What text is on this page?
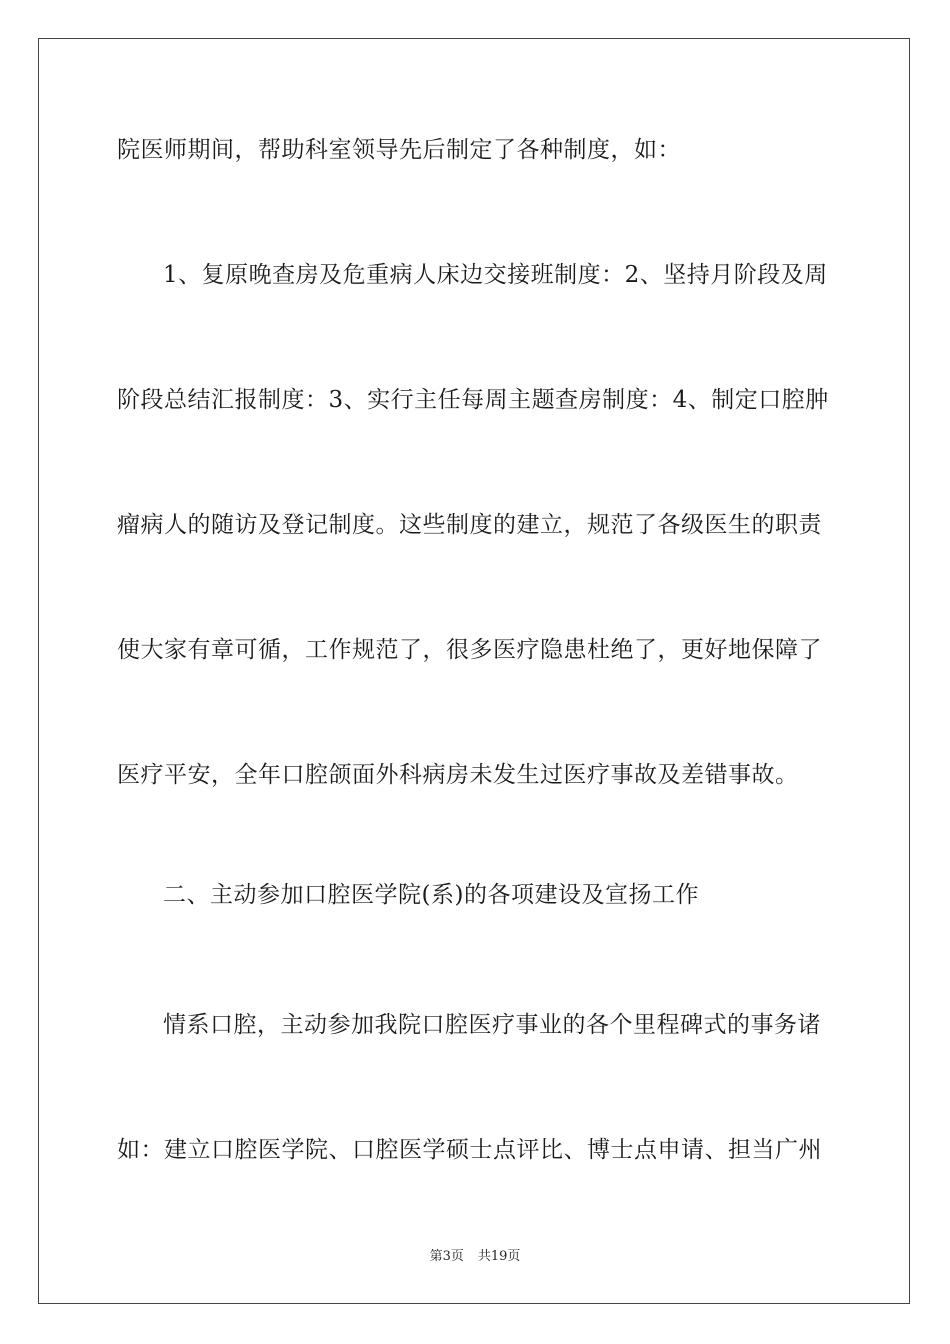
院医师期间，帮助科室领导先后制定了各种制度，如：
1、复原晚查房及危重病人床边交接班制度：2、坚持月阶段及周
阶段总结汇报制度：3、实行主任每周主题查房制度：4、制定口腔肿
瘤病人的随访及登记制度。这些制度的建立，规范了各级医生的职责
使大家有章可循，工作规范了，很多医疗隐患杜绝了，更好地保障了
医疗平安，全年口腔颌面外科病房未发生过医疗事故及差错事故。
二、主动参加口腔医学院(系)的各项建设及宣扬工作
情系口腔，主动参加我院口腔医疗事业的各个里程碑式的事务诸
如：建立口腔医学院、口腔医学硕士点评比、博士点申请、担当广州
第3页 共19页
